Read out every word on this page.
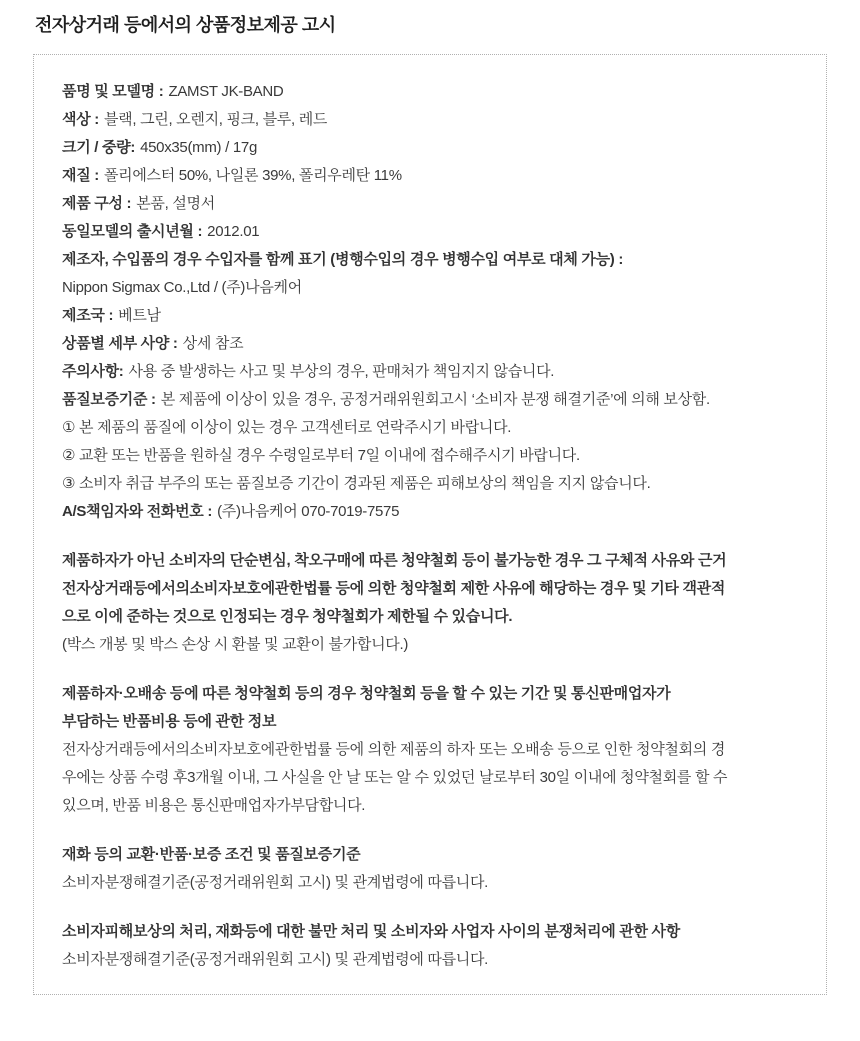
전자상거래 등에서의 상품정보제공 고시
품명 및 모델명 : ZAMST JK-BAND
색상 : 블랙, 그린, 오렌지, 핑크, 블루, 레드
크기 / 중량: 450x35(mm) / 17g
재질 : 폴리에스터 50%, 나일론 39%, 폴리우레탄 11%
제품 구성 : 본품, 설명서
동일모델의 출시년월 : 2012.01
제조자, 수입품의 경우 수입자를 함께 표기 (병행수입의 경우 병행수입 여부로 대체 가능) :
Nippon Sigmax Co.,Ltd / (주)나음케어
제조국 : 베트남
상품별 세부 사양 : 상세 참조
주의사항: 사용 중 발생하는 사고 및 부상의 경우, 판매처가 책임지지 않습니다.
품질보증기준 : 본 제품에 이상이 있을 경우, 공정거래위원회고시 ‘소비자 분쟁 해결기준’에 의해 보상함.
① 본 제품의 품질에 이상이 있는 경우 고객센터로 연락주시기 바랍니다.
② 교환 또는 반품을 원하실 경우 수령일로부터 7일 이내에 접수해주시기 바랍니다.
③ 소비자 취급 부주의 또는 품질보증 기간이 경과된 제품은 피해보상의 책임을 지지 않습니다.
A/S책임자와 전화번호 : (주)나음케어 070-7019-7575
제품하자가 아닌 소비자의 단순변심, 착오구매에 따른 청약철회 등이 불가능한 경우 그 구체적 사유와 근거
전자상거래등에서의소비자보호에관한법률 등에 의한 청약철회 제한 사유에 해당하는 경우 및 기타 객관적
으로 이에 준하는 것으로 인정되는 경우 청약철회가 제한될 수 있습니다.
(박스 개봉 및 박스 손상 시 환불 및 교환이 불가합니다.)
제품하자·오배송 등에 따른 청약철회 등의 경우 청약철회 등을 할 수 있는 기간 및 통신판매업자가
부담하는 반품비용 등에 관한 정보
전자상거래등에서의소비자보호에관한법률 등에 의한 제품의 하자 또는 오배송 등으로 인한 청약철회의 경
우에는 상품 수령 후3개월 이내, 그 사실을 안 날 또는 알 수 있었던 날로부터 30일 이내에 청약철회를 할 수
있으며, 반품 비용은 통신판매업자가부담합니다.
재화 등의 교환·반품·보증 조건 및 품질보증기준
소비자분쟁해결기준(공정거래위원회 고시) 및 관계법령에 따릅니다.
소비자피해보상의 처리, 재화등에 대한 불만 처리 및 소비자와 사업자 사이의 분쟁처리에 관한 사항
소비자분쟁해결기준(공정거래위원회 고시) 및 관계법령에 따릅니다.
